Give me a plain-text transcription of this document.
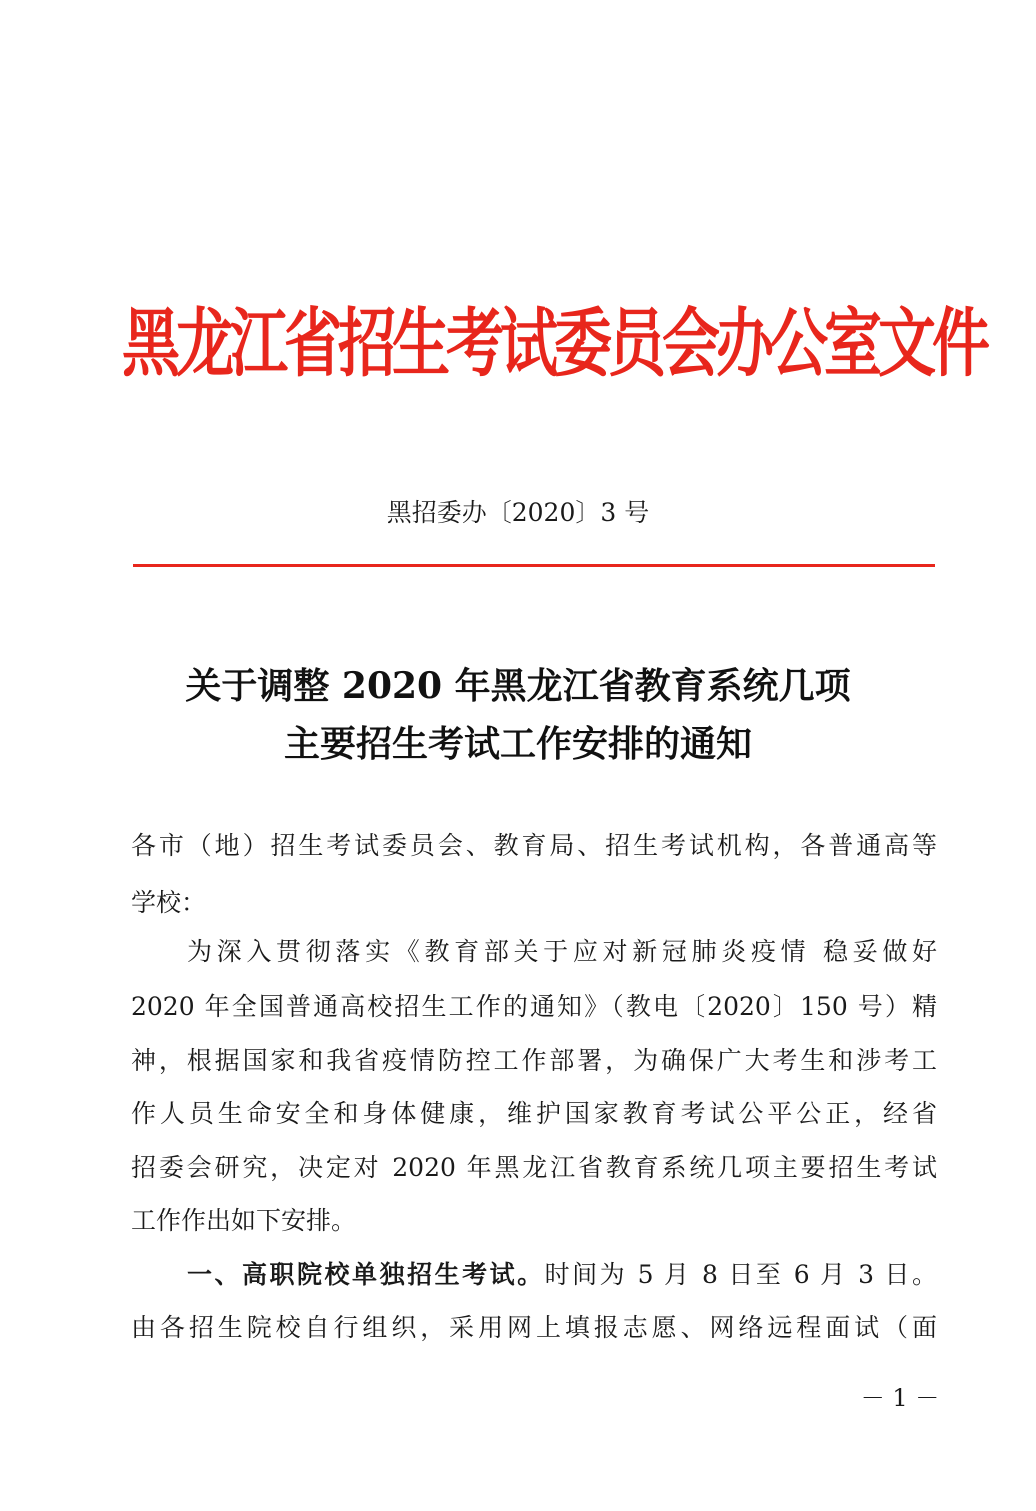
黑龙江省招生考试委员会办公室文件
黑招委办〔2020〕3 号
关于调整 2020 年黑龙江省教育系统几项
主要招生考试工作安排的通知
各市（地）招生考试委员会、教育局、招生考试机构，各普通高等
学校：
为深入贯彻落实《教育部关于应对新冠肺炎疫情 稳妥做好
2020 年全国普通高校招生工作的通知》（教电〔2020〕150 号）精
神，根据国家和我省疫情防控工作部署，为确保广大考生和涉考工
作人员生命安全和身体健康，维护国家教育考试公平公正，经省
招委会研究，决定对 2020 年黑龙江省教育系统几项主要招生考试
工作作出如下安排。
一、高职院校单独招生考试。时间为 5 月 8 日至 6 月 3 日。
由各招生院校自行组织，采用网上填报志愿、网络远程面试（面
－ 1 －
